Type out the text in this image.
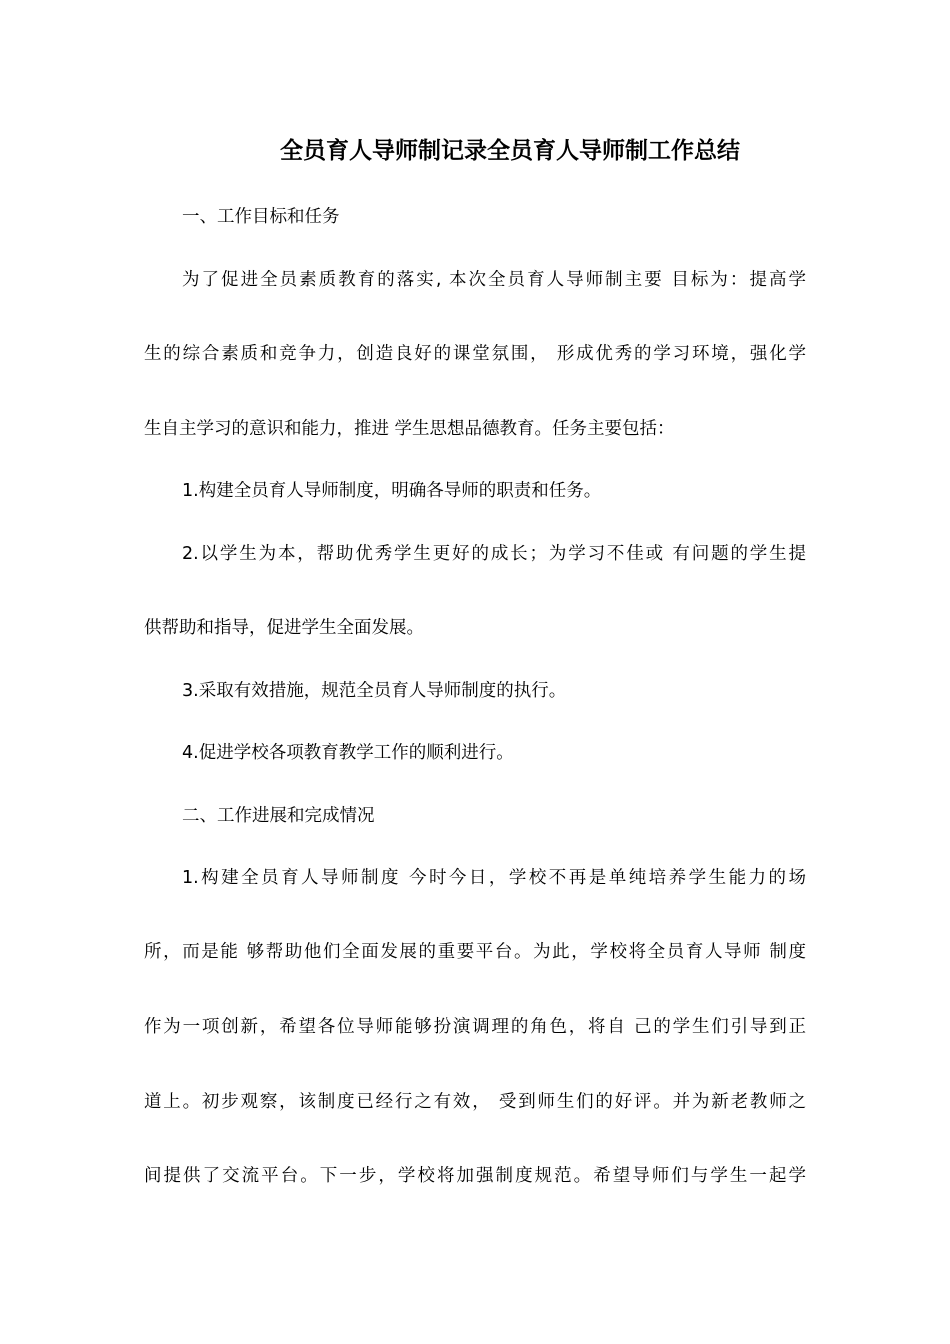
全员育人导师制记录全员育人导师制工作总结
一、工作目标和任务
为了促进全员素质教育的落实, 本次全员育人导师制主要 目标为：提高学
生的综合素质和竞争力，创造良好的课堂氛围， 形成优秀的学习环境，强化学
生自主学习的意识和能力，推进 学生思想品德教育。任务主要包括：
1.构建全员育人导师制度，明确各导师的职责和任务。
2.以学生为本，帮助优秀学生更好的成长；为学习不佳或 有问题的学生提
供帮助和指导，促进学生全面发展。
3.采取有效措施，规范全员育人导师制度的执行。
4.促进学校各项教育教学工作的顺利进行。
二、工作进展和完成情况
1.构建全员育人导师制度 今时今日，学校不再是单纯培养学生能力的场
所，而是能 够帮助他们全面发展的重要平台。为此，学校将全员育人导师 制度
作为一项创新，希望各位导师能够扮演调理的角色，将自 己的学生们引导到正
道上。初步观察，该制度已经行之有效， 受到师生们的好评。并为新老教师之
间提供了交流平台。下一步，学校将加强制度规范。希望导师们与学生一起学
